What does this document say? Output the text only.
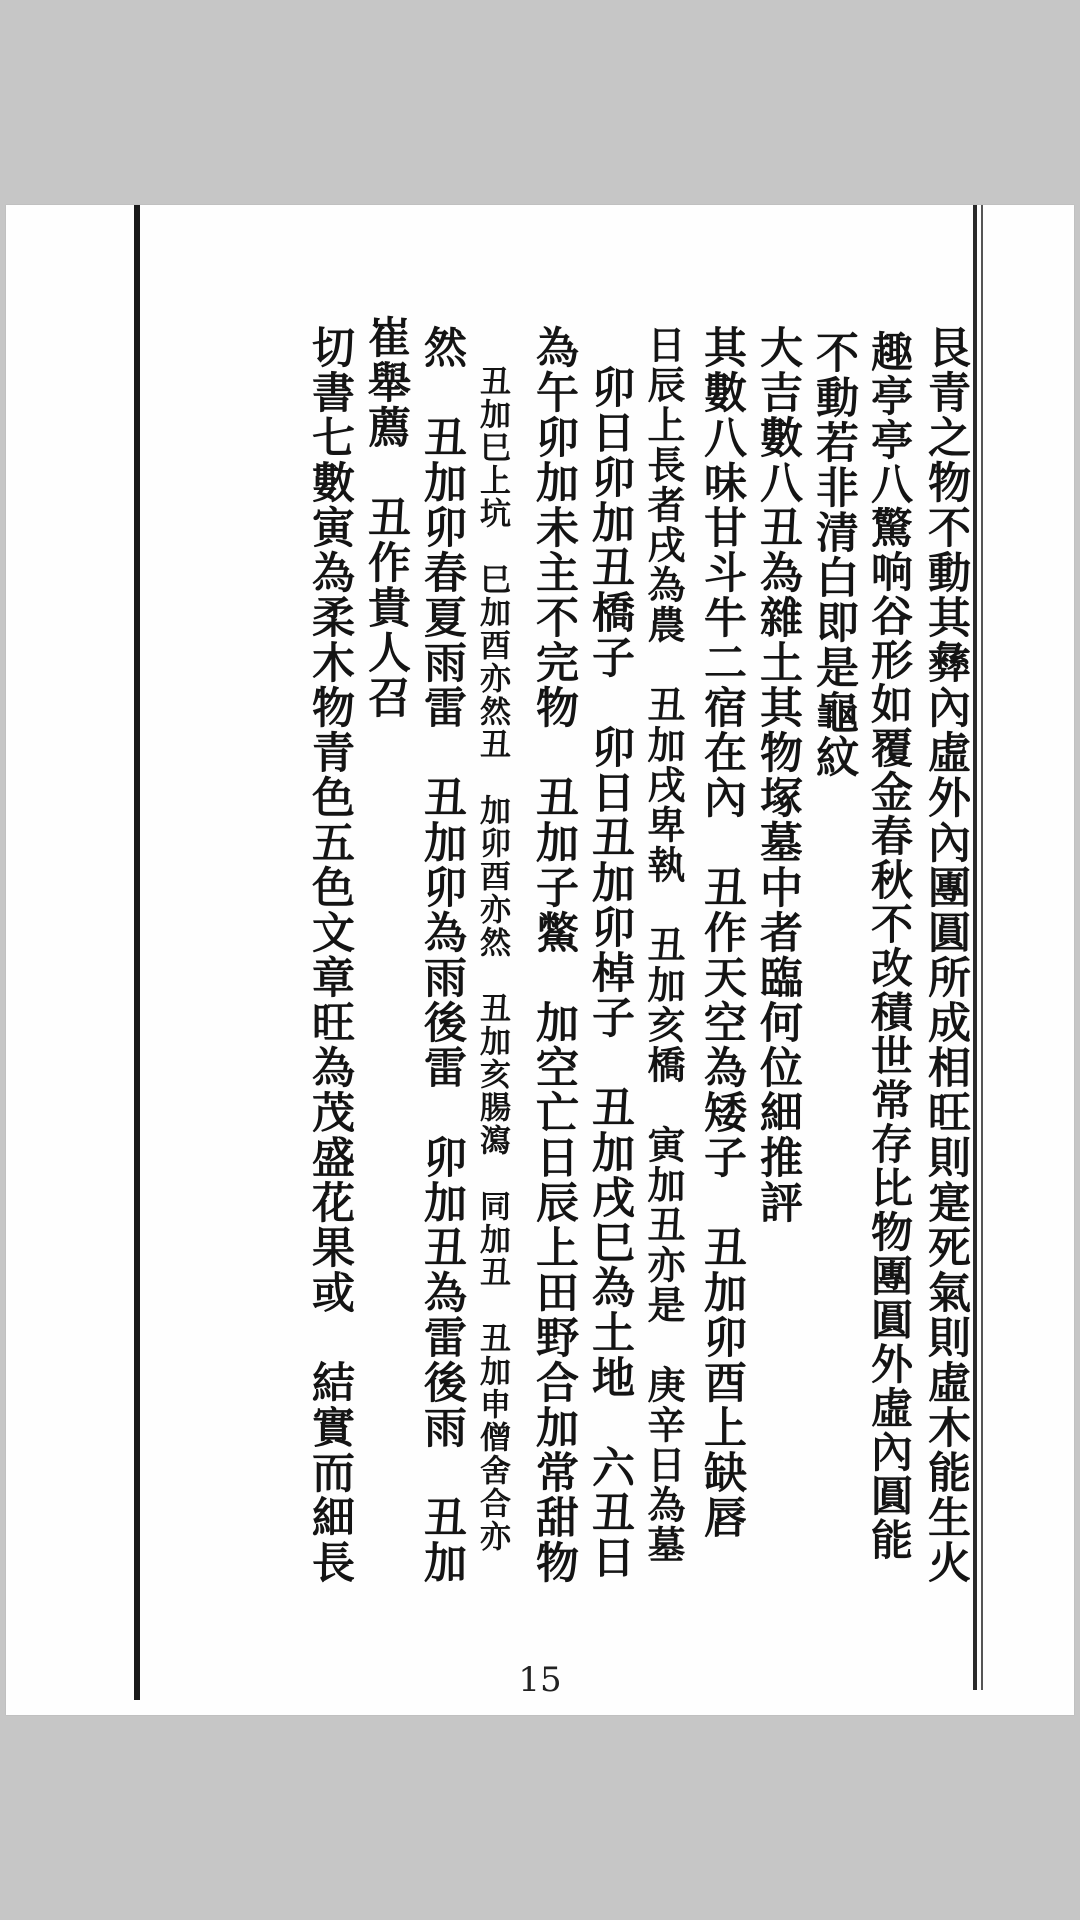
艮青之物不動其彝內虛外內團圓所成相旺則寔死氣則虛木能生火
趣亭亭八驚响谷形如覆金春秋不改積世常存比物團圓外虛內圓能
不動若非清白即是龜紋
大吉數八丑為雜土其物塚墓中者臨何位細推評
其數八味甘斗牛二宿在內　丑作天空為矮子　丑加卯酉上缺唇
日辰上長者戌為農　丑加戌卑執　丑加亥橋　寅加丑亦是　庚辛日為墓
卯日卯加丑橋子　卯日丑加卯棹子　丑加戌巳為土地　六丑日
為午卯加未主不完物　丑加子鱉　加空亡日辰上田野合加常甜物
丑加巳上坑　巳加酉亦然丑　加卯酉亦然　丑加亥腸瀉　同加丑　丑加申僧舍合亦
然　丑加卯春夏雨雷　丑加卯為雨後雷　卯加丑為雷後雨　丑加
崔舉薦　丑作貴人召
切書七數寅為柔木物青色五色文章旺為茂盛花果或　結實而細長
15
